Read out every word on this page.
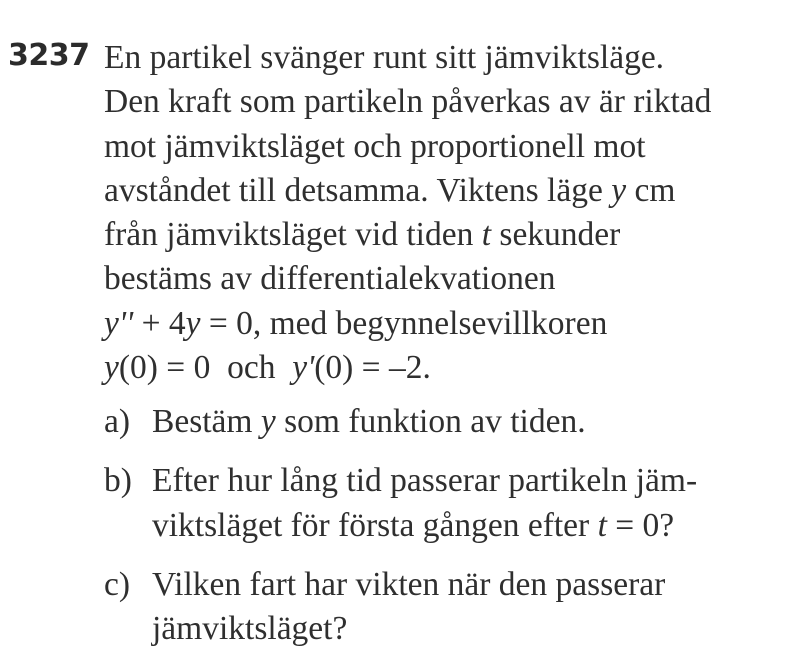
3237 En partikel svänger runt sitt jämviktsläge.
Den kraft som partikeln påverkas av är riktad
mot jämviktsläget och proportionell mot
avståndet till detsamma. Viktens läge y cm
från jämviktsläget vid tiden t sekunder
bestäms av differentialekvationen
y'' + 4y = 0, med begynnelsevillkoren
y(0) = 0  och  y'(0) = –2.
a) Bestäm y som funktion av tiden.
b) Efter hur lång tid passerar partikeln jäm-
viktsläget för första gången efter t = 0?
c) Vilken fart har vikten när den passerar
jämviktsläget?
